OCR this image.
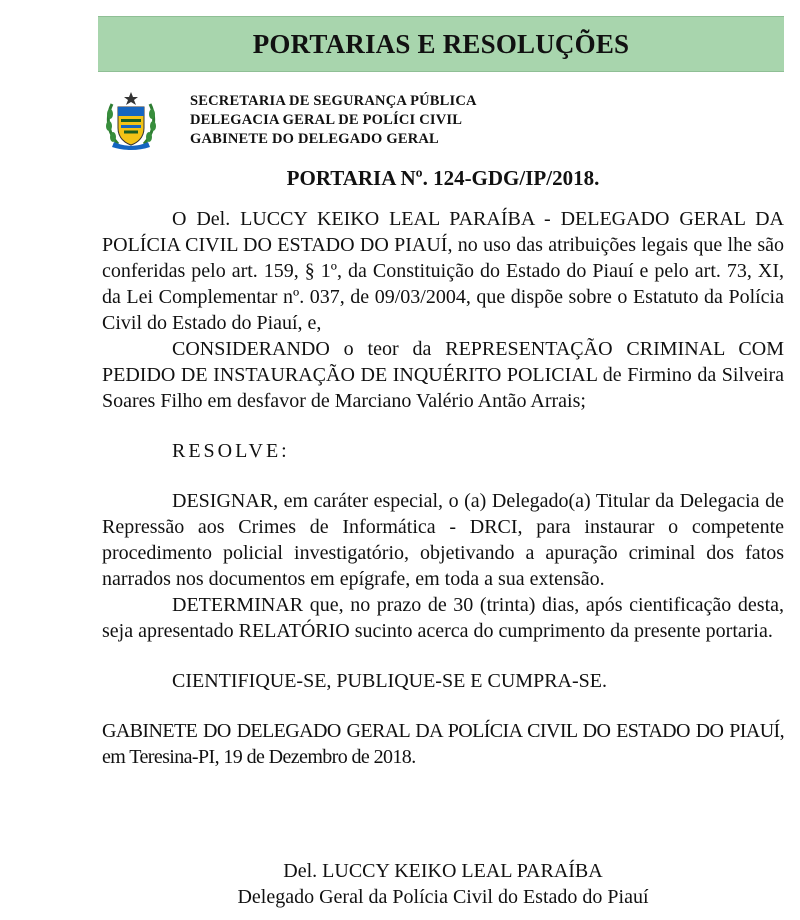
PORTARIAS E RESOLUÇÕES
SECRETARIA DE SEGURANÇA PÚBLICA
DELEGACIA GERAL DE POLÍCI CIVIL
GABINETE DO DELEGADO GERAL
PORTARIA Nº. 124-GDG/IP/2018.

O Del. LUCCY KEIKO LEAL PARAÍBA - DELEGADO GERAL DA POLÍCIA CIVIL DO ESTADO DO PIAUÍ, no uso das atribuições legais que lhe são conferidas pelo art. 159, § 1º, da Constituição do Estado do Piauí e pelo art. 73, XI, da Lei Complementar nº. 037, de 09/03/2004, que dispõe sobre o Estatuto da Polícia Civil do Estado do Piauí, e,

CONSIDERANDO o teor da REPRESENTAÇÃO CRIMINAL COM PEDIDO DE INSTAURAÇÃO DE INQUÉRITO POLICIAL de Firmino da Silveira Soares Filho em desfavor de Marciano Valério Antão Arrais;

RESOLVE:

DESIGNAR, em caráter especial, o (a) Delegado(a) Titular da Delegacia de Repressão aos Crimes de Informática - DRCI, para instaurar o competente procedimento policial investigatório, objetivando a apuração criminal dos fatos narrados nos documentos em epígrafe, em toda a sua extensão.

DETERMINAR que, no prazo de 30 (trinta) dias, após cientificação desta, seja apresentado RELATÓRIO sucinto acerca do cumprimento da presente portaria.

CIENTIFIQUE-SE, PUBLIQUE-SE E CUMPRA-SE.

GABINETE DO DELEGADO GERAL DA POLÍCIA CIVIL DO ESTADO DO PIAUÍ, em Teresina-PI, 19 de Dezembro de 2018.

Del. LUCCY KEIKO LEAL PARAÍBA
Delegado Geral da Polícia Civil do Estado do Piauí
